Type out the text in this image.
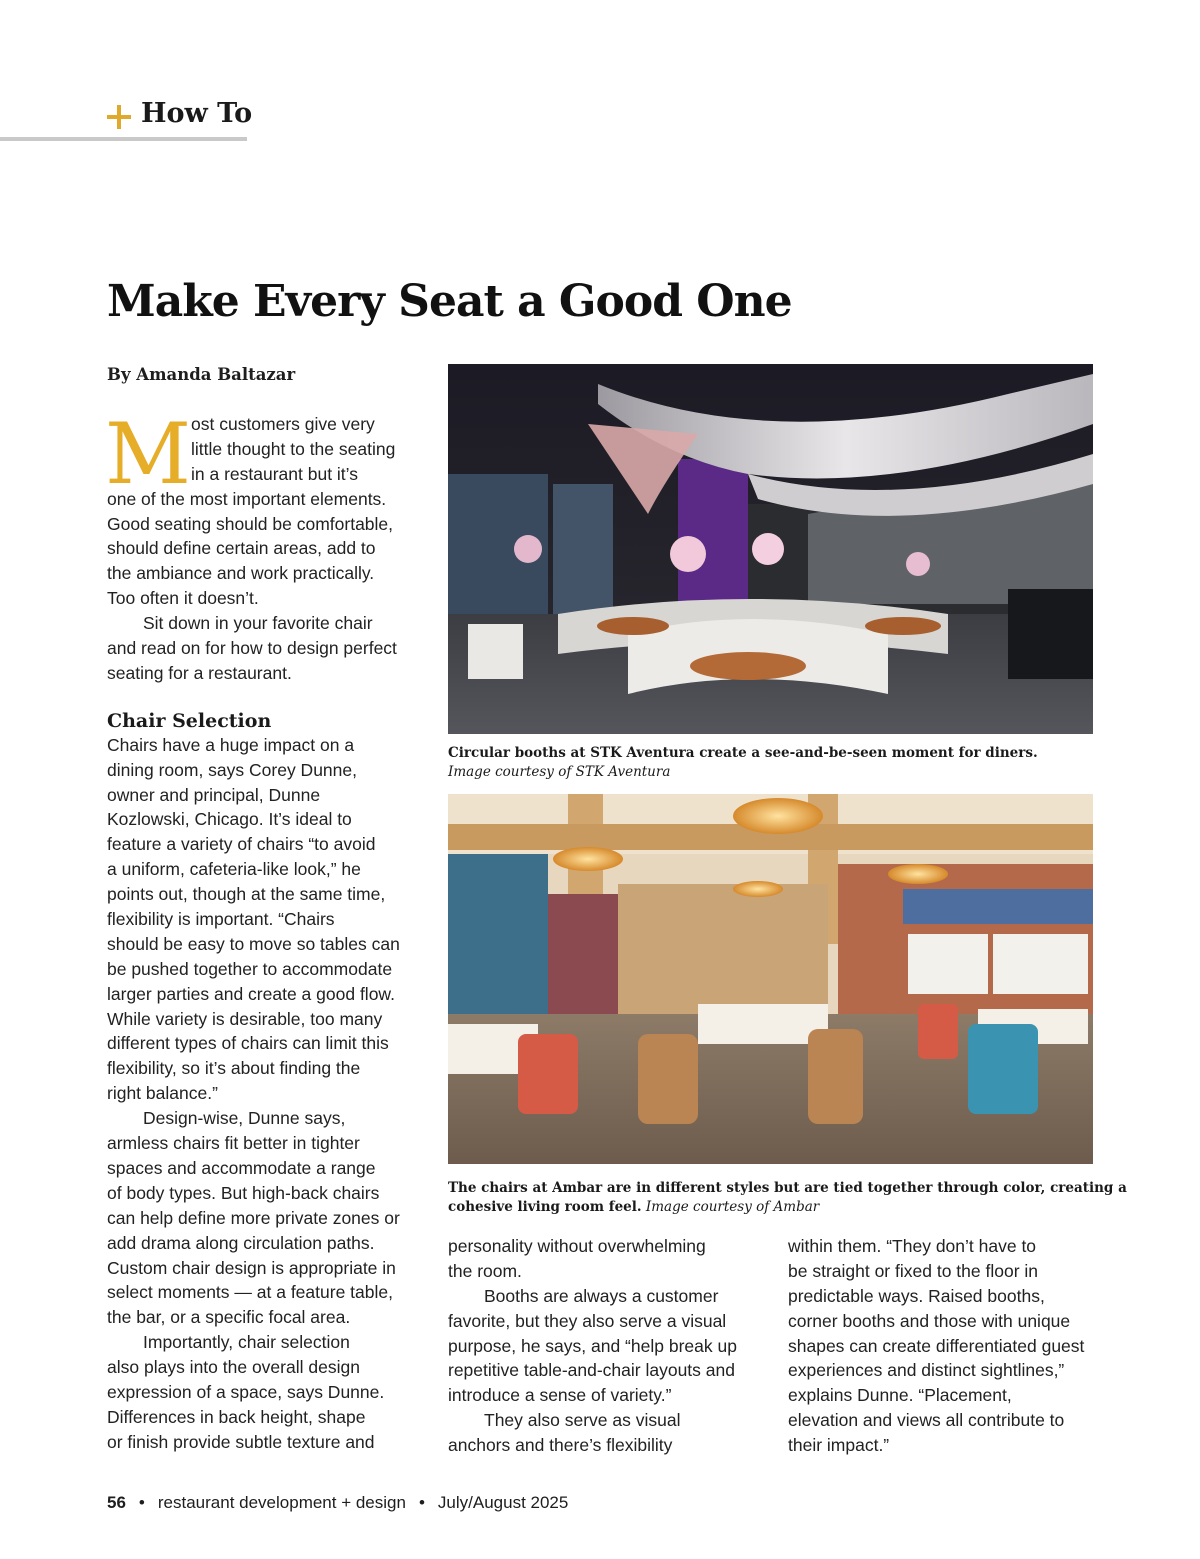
How To
Make Every Seat a Good One
By Amanda Baltazar
M ost customers give very
little thought to the seating
in a restaurant but it’s
one of the most important elements.
Good seating should be comfortable,
should define certain areas, add to
the ambiance and work practically.
Too often it doesn’t.
Sit down in your favorite chair
and read on for how to design perfect
seating for a restaurant.
Chair Selection
Chairs have a huge impact on a
dining room, says Corey Dunne,
owner and principal, Dunne
Kozlowski, Chicago. It’s ideal to
feature a variety of chairs “to avoid
a uniform, cafeteria-like look,” he
points out, though at the same time,
flexibility is important. “Chairs
should be easy to move so tables can
be pushed together to accommodate
larger parties and create a good flow.
While variety is desirable, too many
different types of chairs can limit this
flexibility, so it’s about finding the
right balance.”
Design-wise, Dunne says,
armless chairs fit better in tighter
spaces and accommodate a range
of body types. But high-back chairs
can help define more private zones or
add drama along circulation paths.
Custom chair design is appropriate in
select moments — at a feature table,
the bar, or a specific focal area.
Importantly, chair selection
also plays into the overall design
expression of a space, says Dunne.
Differences in back height, shape
or finish provide subtle texture and
Circular booths at STK Aventura create a see-and-be-seen moment for diners.
Image courtesy of STK Aventura
The chairs at Ambar are in different styles but are tied together through color, creating a
cohesive living room feel. Image courtesy of Ambar
personality without overwhelming
the room.
Booths are always a customer
favorite, but they also serve a visual
purpose, he says, and “help break up
repetitive table-and-chair layouts and
introduce a sense of variety.”
They also serve as visual
anchors and there’s flexibility
within them. “They don’t have to
be straight or fixed to the floor in
predictable ways. Raised booths,
corner booths and those with unique
shapes can create differentiated guest
experiences and distinct sightlines,”
explains Dunne. “Placement,
elevation and views all contribute to
their impact.”
56 • restaurant development + design • July/August 2025
